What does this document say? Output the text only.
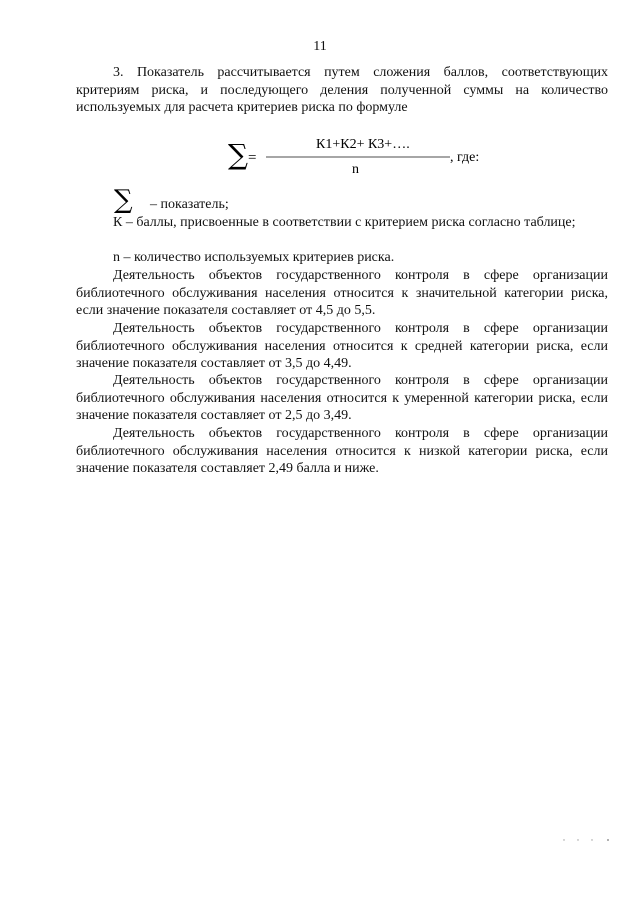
11
3. Показатель рассчитывается путем сложения баллов, соответствующих критериям риска, и последующего деления полученной суммы на количество используемых для расчета критериев риска по формуле
∑ =
К1+К2+ К3+….
n
, где:
∑ – показатель;
К – баллы, присвоенные в соответствии с критерием риска согласно таблице;
n – количество используемых критериев риска.
Деятельность объектов государственного контроля в сфере организации библиотечного обслуживания населения относится к значительной категории риска, если значение показателя составляет от 4,5 до 5,5.
Деятельность объектов государственного контроля в сфере организации библиотечного обслуживания населения относится к средней категории риска, если значение показателя составляет от 3,5 до 4,49.
Деятельность объектов государственного контроля в сфере организации библиотечного обслуживания населения относится к умеренной категории риска, если значение показателя составляет от 2,5 до 3,49.
Деятельность объектов государственного контроля в сфере организации библиотечного обслуживания населения относится к низкой категории риска, если значение показателя составляет 2,49 балла и ниже.
